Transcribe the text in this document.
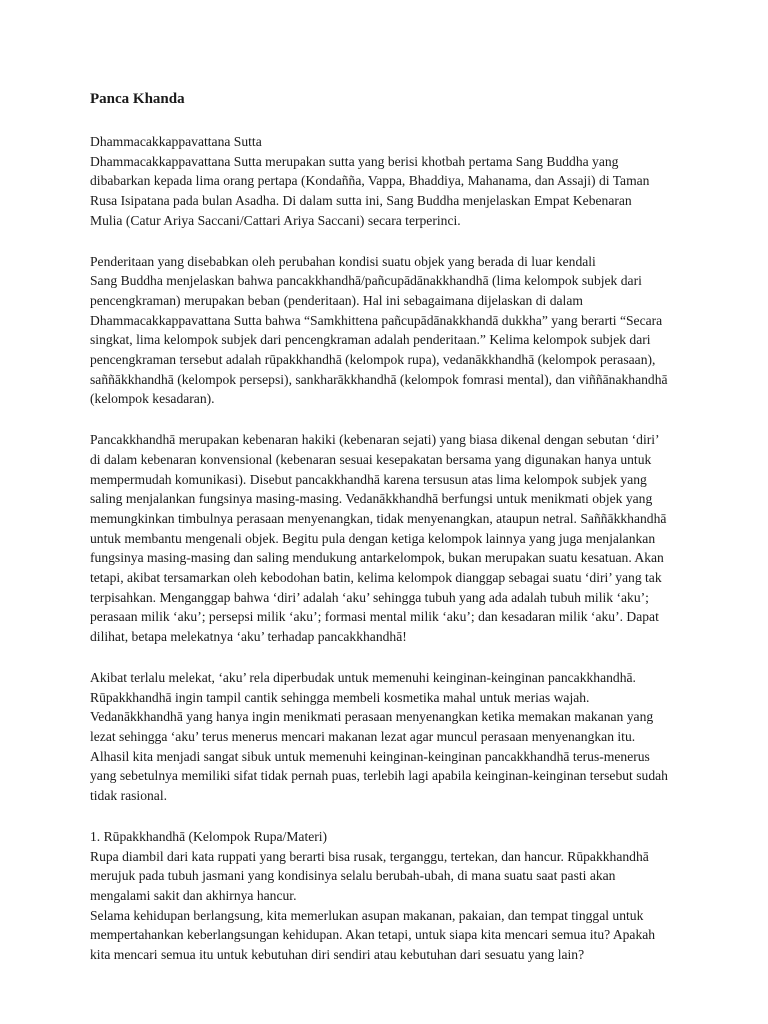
Panca Khanda
Dhammacakkappavattana Sutta
Dhammacakkappavattana Sutta merupakan sutta yang berisi khotbah pertama Sang Buddha yang
dibabarkan kepada lima orang pertapa (Kondañña, Vappa, Bhaddiya, Mahanama, dan Assaji) di Taman
Rusa Isipatana pada bulan Asadha. Di dalam sutta ini, Sang Buddha menjelaskan Empat Kebenaran
Mulia (Catur Ariya Saccani/Cattari Ariya Saccani) secara terperinci.
Penderitaan yang disebabkan oleh perubahan kondisi suatu objek yang berada di luar kendali
Sang Buddha menjelaskan bahwa pancakkhandhā/pañcupādānakkhandhā (lima kelompok subjek dari
pencengkraman) merupakan beban (penderitaan). Hal ini sebagaimana dijelaskan di dalam
Dhammacakkappavattana Sutta bahwa “Samkhittena pañcupādānakkhandā dukkha” yang berarti “Secara
singkat, lima kelompok subjek dari pencengkraman adalah penderitaan.” Kelima kelompok subjek dari
pencengkraman tersebut adalah rūpakkhandhā (kelompok rupa), vedanākkhandhā (kelompok perasaan),
saññākkhandhā (kelompok persepsi), sankharākkhandhā (kelompok fomrasi mental), dan viññānakhandhā
(kelompok kesadaran).
Pancakkhandhā merupakan kebenaran hakiki (kebenaran sejati) yang biasa dikenal dengan sebutan ‘diri’
di dalam kebenaran konvensional (kebenaran sesuai kesepakatan bersama yang digunakan hanya untuk
mempermudah komunikasi). Disebut pancakkhandhā karena tersusun atas lima kelompok subjek yang
saling menjalankan fungsinya masing-masing. Vedanākkhandhā berfungsi untuk menikmati objek yang
memungkinkan timbulnya perasaan menyenangkan, tidak menyenangkan, ataupun netral. Saññākkhandhā
untuk membantu mengenali objek. Begitu pula dengan ketiga kelompok lainnya yang juga menjalankan
fungsinya masing-masing dan saling mendukung antarkelompok, bukan merupakan suatu kesatuan. Akan
tetapi, akibat tersamarkan oleh kebodohan batin, kelima kelompok dianggap sebagai suatu ‘diri’ yang tak
terpisahkan. Menganggap bahwa ‘diri’ adalah ‘aku’ sehingga tubuh yang ada adalah tubuh milik ‘aku’;
perasaan milik ‘aku’; persepsi milik ‘aku’; formasi mental milik ‘aku’; dan kesadaran milik ‘aku’. Dapat
dilihat, betapa melekatnya ‘aku’ terhadap pancakkhandhā!
Akibat terlalu melekat, ‘aku’ rela diperbudak untuk memenuhi keinginan-keinginan pancakkhandhā.
Rūpakkhandhā ingin tampil cantik sehingga membeli kosmetika mahal untuk merias wajah.
Vedanākkhandhā yang hanya ingin menikmati perasaan menyenangkan ketika memakan makanan yang
lezat sehingga ‘aku’ terus menerus mencari makanan lezat agar muncul perasaan menyenangkan itu.
Alhasil kita menjadi sangat sibuk untuk memenuhi keinginan-keinginan pancakkhandhā terus-menerus
yang sebetulnya memiliki sifat tidak pernah puas, terlebih lagi apabila keinginan-keinginan tersebut sudah
tidak rasional.
1. Rūpakkhandhā (Kelompok Rupa/Materi)
Rupa diambil dari kata ruppati yang berarti bisa rusak, terganggu, tertekan, dan hancur. Rūpakkhandhā
merujuk pada tubuh jasmani yang kondisinya selalu berubah-ubah, di mana suatu saat pasti akan
mengalami sakit dan akhirnya hancur.
Selama kehidupan berlangsung, kita memerlukan asupan makanan, pakaian, dan tempat tinggal untuk
mempertahankan keberlangsungan kehidupan. Akan tetapi, untuk siapa kita mencari semua itu? Apakah
kita mencari semua itu untuk kebutuhan diri sendiri atau kebutuhan dari sesuatu yang lain?
